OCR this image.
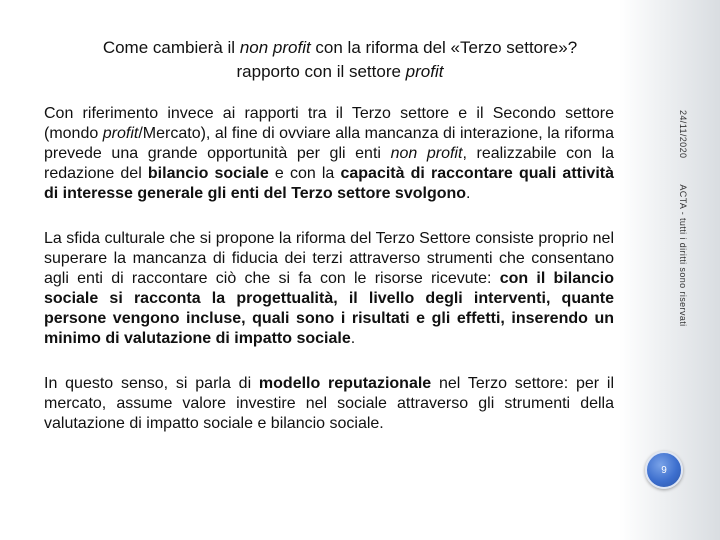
Come cambierà il non profit con la riforma del «Terzo settore»?
rapporto con il settore profit

Con riferimento invece ai rapporti tra il Terzo settore e il Secondo settore (mondo profit/Mercato), al fine di ovviare alla mancanza di interazione, la riforma prevede una grande opportunità per gli enti non profit, realizzabile con la redazione del bilancio sociale e con la capacità di raccontare quali attività di interesse generale gli enti del Terzo settore svolgono.

La sfida culturale che si propone la riforma del Terzo Settore consiste proprio nel superare la mancanza di fiducia dei terzi attraverso strumenti che consentano agli enti di raccontare ciò che si fa con le risorse ricevute: con il bilancio sociale si racconta la progettualità, il livello degli interventi, quante persone vengono incluse, quali sono i risultati e gli effetti, inserendo un minimo di valutazione di impatto sociale.

In questo senso, si parla di modello reputazionale nel Terzo settore: per il mercato, assume valore investire nel sociale attraverso gli strumenti della valutazione di impatto sociale e bilancio sociale.

24/11/2020ACTA - tutti i diritti sono riservati
9
